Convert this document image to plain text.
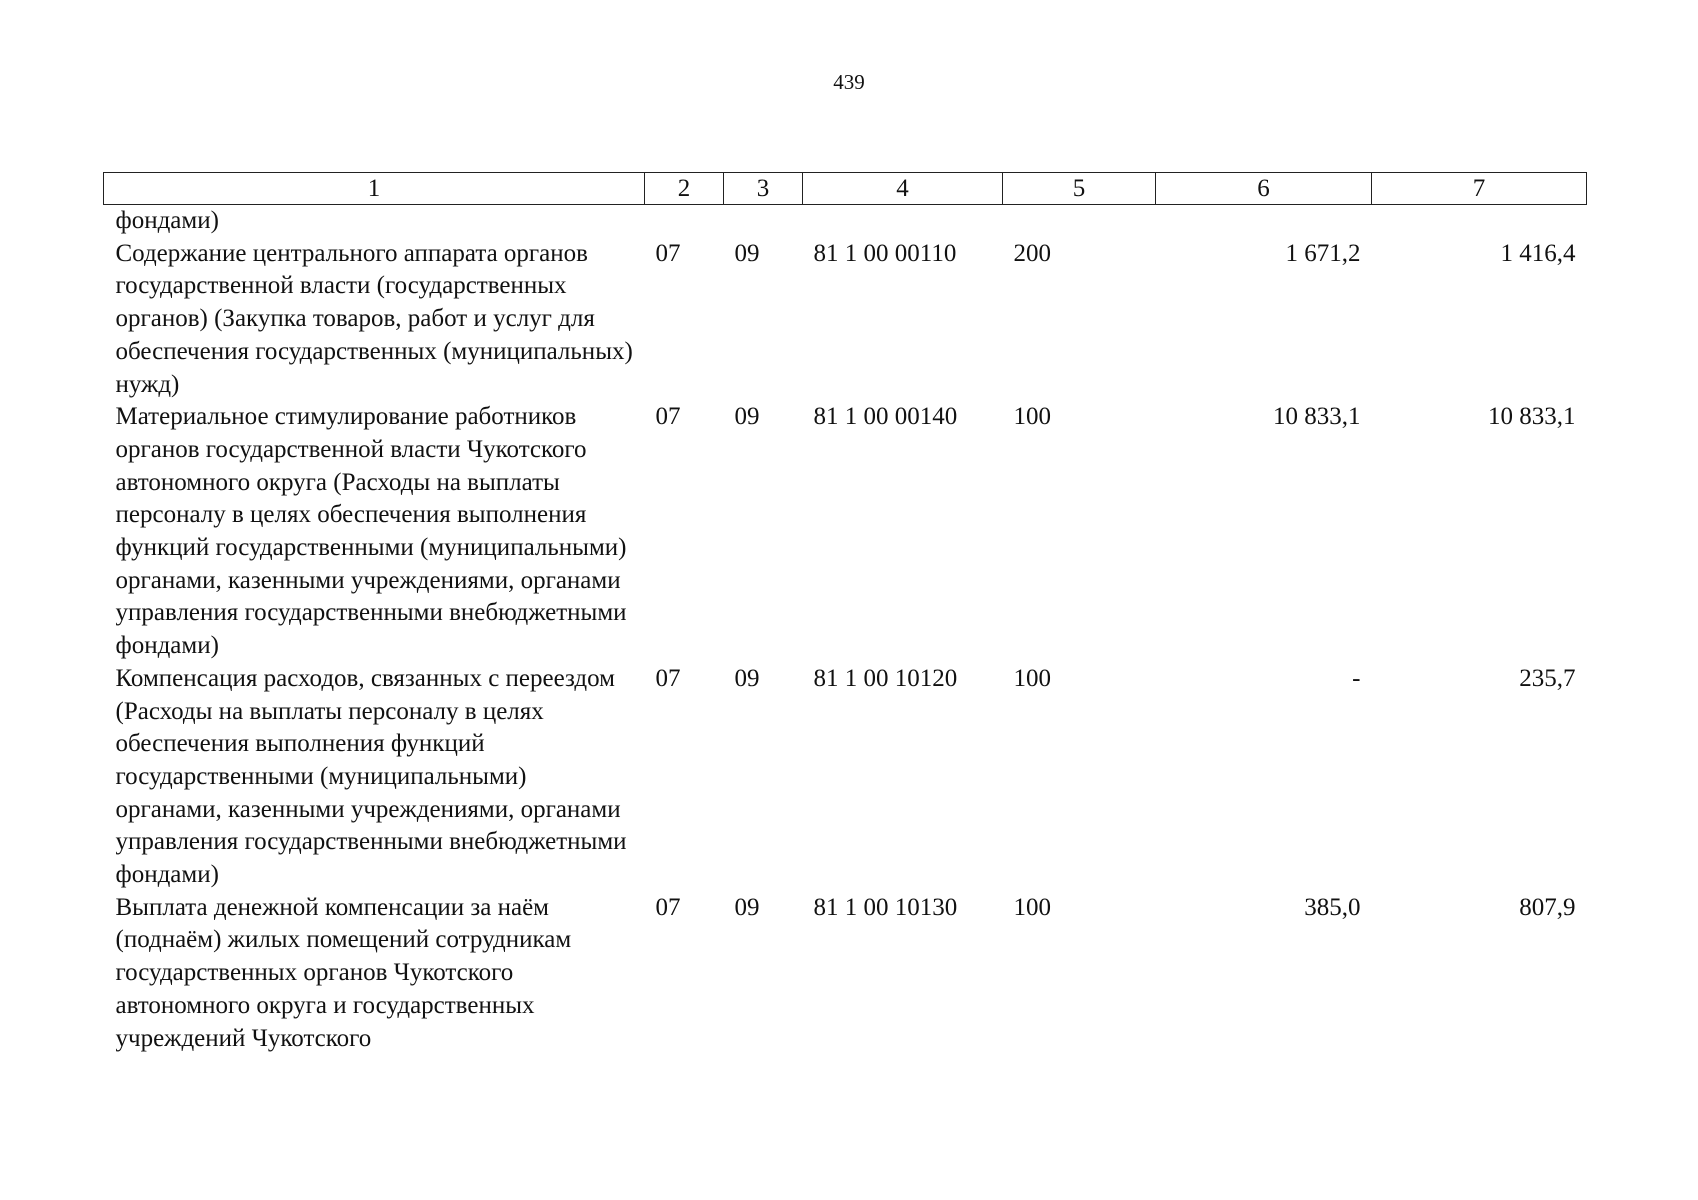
439
1	2	3	4	5	6	7
фондами)						
Содержание центрального аппарата органов государственной власти (государственных органов) (Закупка товаров, работ и услуг для обеспечения государственных (муниципальных) нужд)	07	09	81 1 00 00110	200	1 671,2	1 416,4
Материальное стимулирование работников органов государственной власти Чукотского автономного округа (Расходы на выплаты персоналу в целях обеспечения выполнения функций государственными (муниципальными) органами, казенными учреждениями, органами управления государственными внебюджетными фондами)	07	09	81 1 00 00140	100	10 833,1	10 833,1
Компенсация расходов, связанных с переездом (Расходы на выплаты персоналу в целях обеспечения выполнения функций государственными (муниципальными) органами, казенными учреждениями, органами управления государственными внебюджетными фондами)	07	09	81 1 00 10120	100	-	235,7
Выплата денежной компенсации за наём (поднаём) жилых помещений сотрудникам государственных органов Чукотского автономного округа и государственных учреждений Чукотского	07	09	81 1 00 10130	100	385,0	807,9
